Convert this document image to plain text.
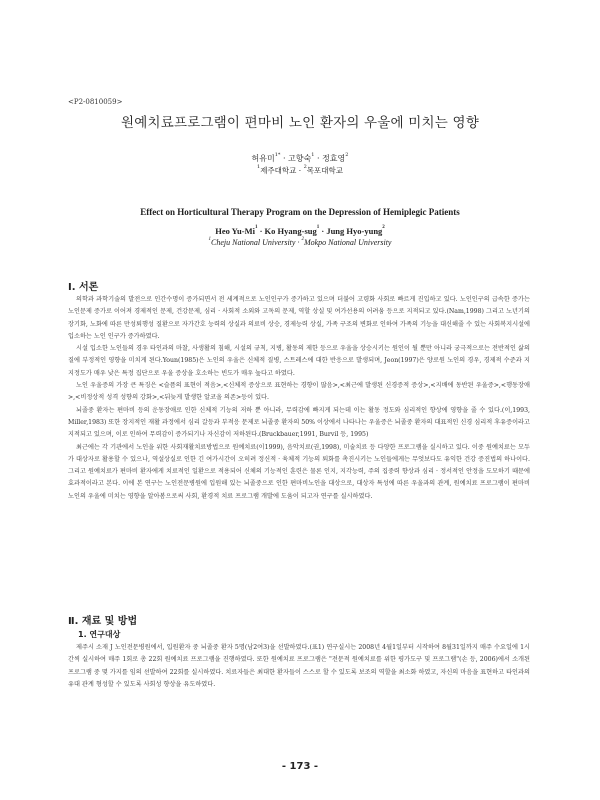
<P2-0810059>
원예치료프로그램이 편마비 노인 환자의 우울에 미치는 영향
허유미$^{1*}$ · 고향숙$^1$ · 정효영$^2$
$^1$제주대학교 · $^2$목포대학교
Effect on Horticultural Therapy Program on the Depression of Hemiplegic Patients
Heo $Yu-Mi^1 \cdot Ko$ Hyang-sug$^1$ · Jung Hyo-yung$^2$
$^1$Cheju National University · $^2$Mokpo National University
Ⅰ. 서론

의학과 과학기술의 발전으로 인간수명이 증가되면서 전 세계적으로 노인인구가 증가하고 있으며 더불어 고령화 사회로 빠르게 진입하고 있다. 노인인구의 급속한 증가는 노인문제 증가로 이어져 경제적인 문제, 건강문제, 심리 · 사회적 소외와 고독의 문제, 역할 상실 및 여가선용의 어려움 등으로 지적되고 있다.(Nam,1998) 그리고 노년기의 장기화, 노화에 따른 만성퇴행성 질환으로 자가간호 능력의 상실과 의료비 상승, 경제능력 상실, 가족 구조의 변화로 인하여 가족의 기능을 대신해줄 수 있는 사회복지시설에 입소하는 노인 인구가 증가하였다.

시설 입소한 노인들의 경우 타인과의 마찰, 사생활의 침해, 시설의 규칙, 지병, 활동의 제한 등으로 우울을 상승시키는 원인이 될 뿐만 아니라 궁극적으로는 전반적인 삶의 질에 부정적인 영향을 미치게 된다.Youn(1985)은 노인의 우울은 신체적 질병, 스트레스에 대한 반응으로 발생되며, Jeon(1997)은 양로원 노인의 경우, 경제적 수준과 지지정도가 매우 낮은 특정 집단으로 우울 증상을 호소하는 빈도가 매우 높다고 하였다.

노인 우울증의 가장 큰 특징은 <슬픔의 표현이 적음>,<신체적 증상으로 표현하는 경향이 많음>,<최근에 발생된 신경증적 증상>,<지배에 동반된 우울증>,<행동장애>,<비정상적 성격 성향의 강화>,<뒤늦게 발생한 알코올 의존>등이 있다.

뇌졸중 환자는 편마비 등의 운동장애로 인한 신체적 기능의 저하 뿐 아니라, 무력감에 빠지게 되는데 이는 활동 정도와 심리적인 향상에 영향을 줄 수 있다.(이,1993, Miller,1983) 또한 장지적인 재활 과정에서 심리 갈등과 부적응 문제로 뇌졸중 환자의 50% 이상에서 나타나는 우울증은 뇌졸중 환자의 대표적인 신경 심리적 후유증이라고 지적되고 있으며, 이로 인하여 무력감이 증가되기나 자신감이 저하된다.(Bruckbauer,1991, Burvil 등, 1995)

최근에는 각 기관에서 노인을 위한 사회재활치료방법으로 원예치료(이1999), 음악치료(권,1998), 미술치료 등 다양한 프로그램을 실시하고 있다. 이중 원예치료는 모두가 대상자로 활용할 수 있으나, 역설상실로 인한 긴 여가시간이 오히려 정신적 · 육체적 기능의 퇴화를 촉진시키는 노인들에게는 무엇보다도 유익한 건강 증진법의 하나이다. 그리고 원예치료가 편마비 환자에게 치료적인 일환으로 적용되어 신체의 기능적인 훈련은 물론 인지, 지각능력, 주의 집중력 향상과 심리 · 정서적인 안정을 도모하기 때문에 효과적이라고 본다. 이에 본 연구는 노인전문병원에 입원해 있는 뇌졸중으로 인한 편마비노인을 대상으로, 대상자 특성에 따른 우울과의 관계, 원예치료 프로그램이 편마비 노인의 우울에 미치는 영향을 알아봄으로써 사회, 환경적 치료 프로그램 개발에 도움이 되고자 연구를 실시하였다.

Ⅱ. 재료 및 방법
1. 연구대상

제주시 소재 J 노인전문병원에서, 입원환자 중 뇌졸중 환자 5명(남2여3)을 선발하였다.(표1) 연구실시는 2008년 4월1일부터 시작하여 8월31일까지 매주 수요일에 1시간씩 실시하여 매주 1회로 총 22회 원예치료 프로그램을 진행하였다. 또한 원예치료 프로그램은 "전문적 원예치료를 위한 평가도구 및 프로그램"(손 등, 2006)에서 소개된 프로그램 중 몇 가지를 임의 선발하여 22회를 실시하였다. 치료자들은 최대한 환자들이 스스로 할 수 있도록 보조의 역할을 최소화 하였고, 자신의 마음을 표현하고 타인과의 유대 관계 형성할 수 있도록 사회성 향상을 유도하였다.

- 173 -
